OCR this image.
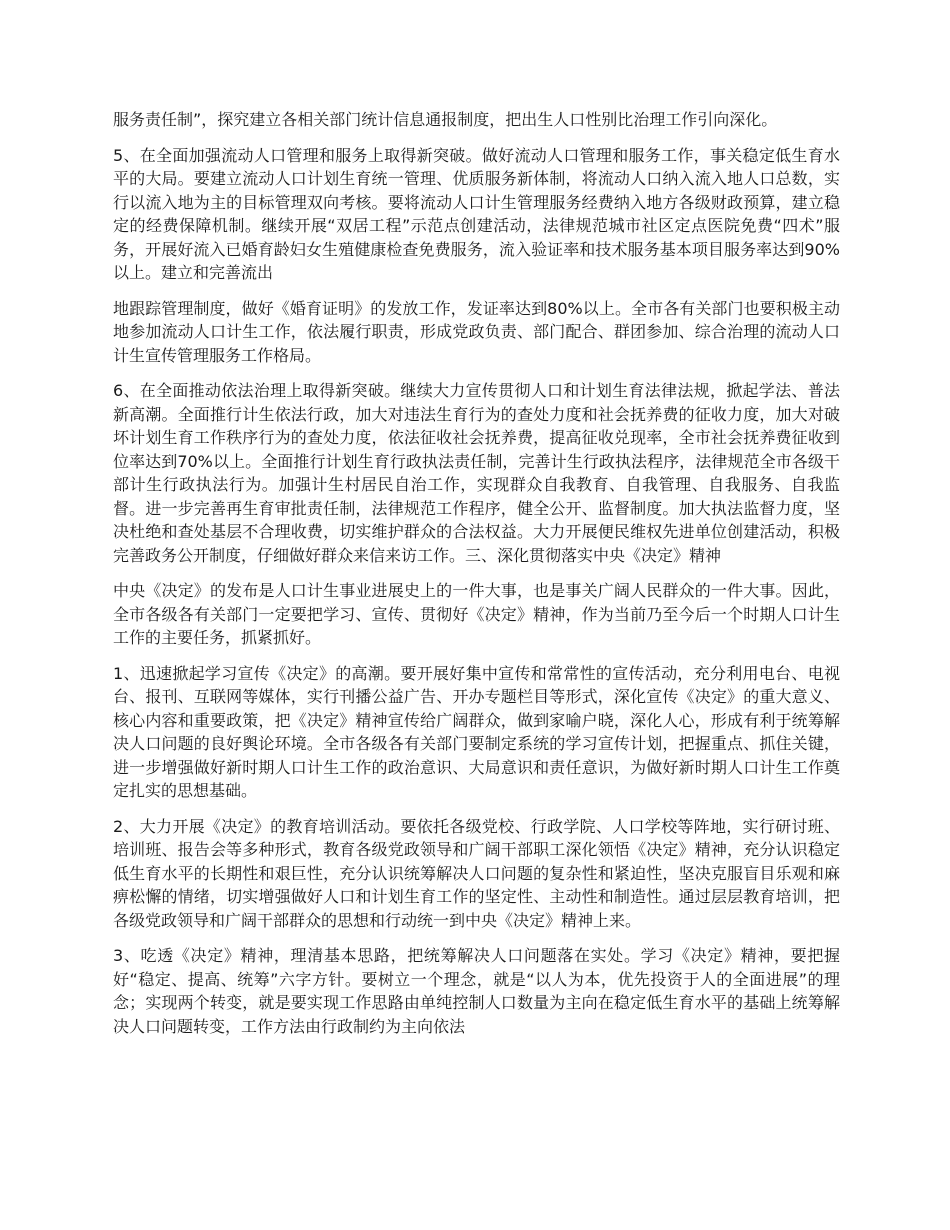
服务责任制”，探究建立各相关部门统计信息通报制度，把出生人口性别比治理工作引向深化。

5、在全面加强流动人口管理和服务上取得新突破。做好流动人口管理和服务工作，事关稳定低生育水平的大局。要建立流动人口计划生育统一管理、优质服务新体制，将流动人口纳入流入地人口总数，实行以流入地为主的目标管理双向考核。要将流动人口计生管理服务经费纳入地方各级财政预算，建立稳定的经费保障机制。继续开展“双居工程”示范点创建活动，法律规范城市社区定点医院免费“四术”服务，开展好流入已婚育龄妇女生殖健康检查免费服务，流入验证率和技术服务基本项目服务率达到90%以上。建立和完善流出

地跟踪管理制度，做好《婚育证明》的发放工作，发证率达到80%以上。全市各有关部门也要积极主动地参加流动人口计生工作，依法履行职责，形成党政负责、部门配合、群团参加、综合治理的流动人口计生宣传管理服务工作格局。

6、在全面推动依法治理上取得新突破。继续大力宣传贯彻人口和计划生育法律法规，掀起学法、普法新高潮。全面推行计生依法行政，加大对违法生育行为的查处力度和社会抚养费的征收力度，加大对破坏计划生育工作秩序行为的查处力度，依法征收社会抚养费，提高征收兑现率，全市社会抚养费征收到位率达到70%以上。全面推行计划生育行政执法责任制，完善计生行政执法程序，法律规范全市各级干部计生行政执法行为。加强计生村居民自治工作，实现群众自我教育、自我管理、自我服务、自我监督。进一步完善再生育审批责任制，法律规范工作程序，健全公开、监督制度。加大执法监督力度，坚决杜绝和查处基层不合理收费，切实维护群众的合法权益。大力开展便民维权先进单位创建活动，积极完善政务公开制度，仔细做好群众来信来访工作。三、深化贯彻落实中央《决定》精神

中央《决定》的发布是人口计生事业进展史上的一件大事，也是事关广阔人民群众的一件大事。因此，全市各级各有关部门一定要把学习、宣传、贯彻好《决定》精神，作为当前乃至今后一个时期人口计生工作的主要任务，抓紧抓好。

1、迅速掀起学习宣传《决定》的高潮。要开展好集中宣传和常常性的宣传活动，充分利用电台、电视台、报刊、互联网等媒体，实行刊播公益广告、开办专题栏目等形式，深化宣传《决定》的重大意义、核心内容和重要政策，把《决定》精神宣传给广阔群众，做到家喻户晓，深化人心，形成有利于统筹解决人口问题的良好舆论环境。全市各级各有关部门要制定系统的学习宣传计划，把握重点、抓住关键，进一步增强做好新时期人口计生工作的政治意识、大局意识和责任意识，为做好新时期人口计生工作奠定扎实的思想基础。

2、大力开展《决定》的教育培训活动。要依托各级党校、行政学院、人口学校等阵地，实行研讨班、培训班、报告会等多种形式，教育各级党政领导和广阔干部职工深化领悟《决定》精神，充分认识稳定低生育水平的长期性和艰巨性，充分认识统筹解决人口问题的复杂性和紧迫性，坚决克服盲目乐观和麻痹松懈的情绪，切实增强做好人口和计划生育工作的坚定性、主动性和制造性。通过层层教育培训，把各级党政领导和广阔干部群众的思想和行动统一到中央《决定》精神上来。

3、吃透《决定》精神，理清基本思路，把统筹解决人口问题落在实处。学习《决定》精神，要把握好“稳定、提高、统筹”六字方针。要树立一个理念，就是“以人为本，优先投资于人的全面进展”的理念；实现两个转变，就是要实现工作思路由单纯控制人口数量为主向在稳定低生育水平的基础上统筹解决人口问题转变，工作方法由行政制约为主向依法
